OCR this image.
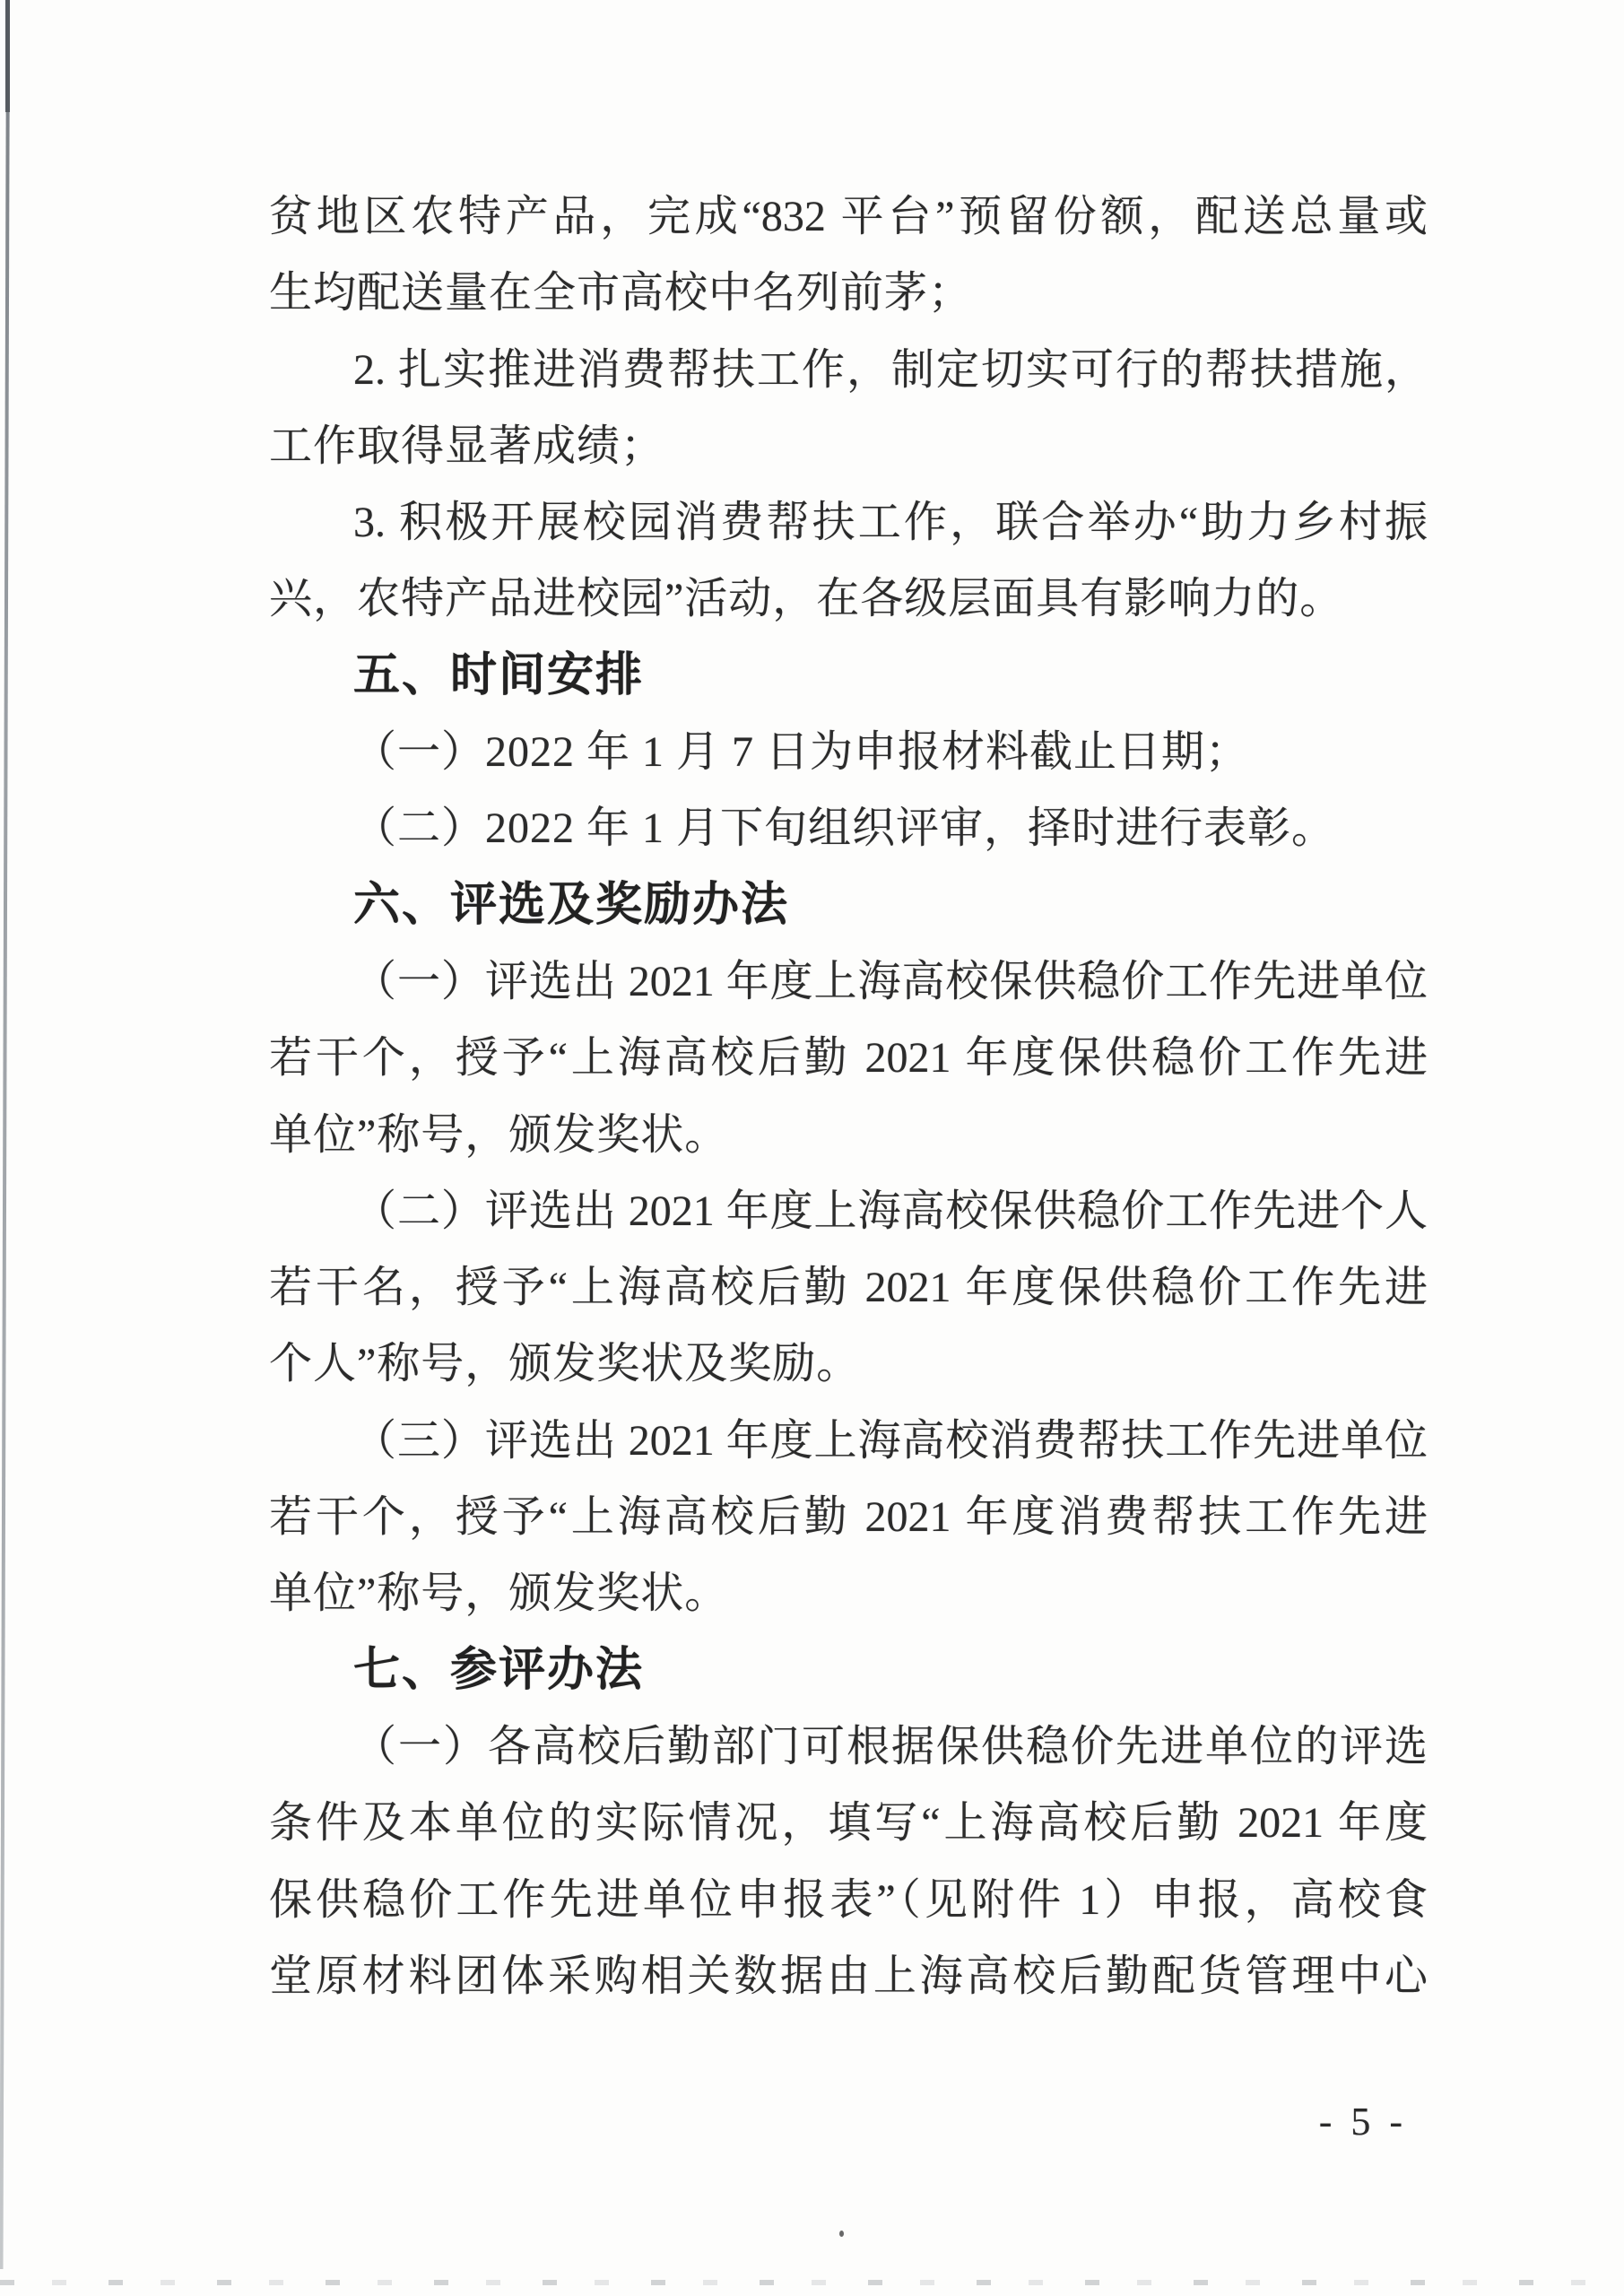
贫地区农特产品，完成“832 平台”预留份额，配送总量或
生均配送量在全市高校中名列前茅；
2. 扎实推进消费帮扶工作，制定切实可行的帮扶措施，
工作取得显著成绩；
3. 积极开展校园消费帮扶工作，联合举办“助力乡村振
兴，农特产品进校园”活动，在各级层面具有影响力的。
五、时间安排
（一）2022 年 1 月 7 日为申报材料截止日期；
（二）2022 年 1 月下旬组织评审，择时进行表彰。
六、评选及奖励办法
（一）评选出 2021 年度上海高校保供稳价工作先进单位
若干个，授予“上海高校后勤 2021 年度保供稳价工作先进
单位”称号，颁发奖状。
（二）评选出 2021 年度上海高校保供稳价工作先进个人
若干名，授予“上海高校后勤 2021 年度保供稳价工作先进
个人”称号，颁发奖状及奖励。
（三）评选出 2021 年度上海高校消费帮扶工作先进单位
若干个，授予“上海高校后勤 2021 年度消费帮扶工作先进
单位”称号，颁发奖状。
七、参评办法
（一）各高校后勤部门可根据保供稳价先进单位的评选
条件及本单位的实际情况，填写“上海高校后勤 2021 年度
保供稳价工作先进单位申报表”（见附件 1）申报，高校食
堂原材料团体采购相关数据由上海高校后勤配货管理中心
- 5 -
